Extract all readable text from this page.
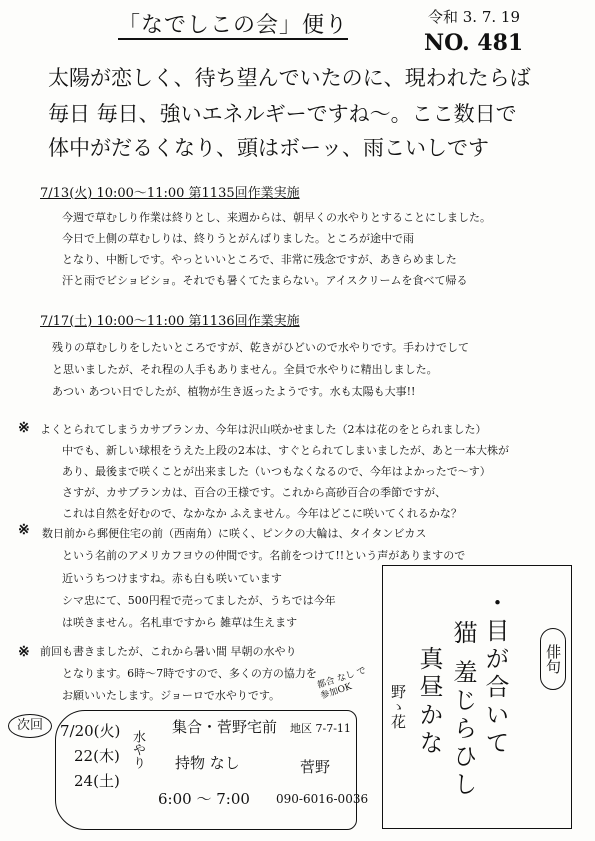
「なでしこの会」便り	令和 3. 7. 19
NO. 481
太陽が恋しく、待ち望んでいたのに、現われたらば
毎日 毎日、強いエネルギーですね～。ここ数日で
体中がだるくなり、頭はボーッ、雨こいしです
7/13(火) 10:00～11:00 第1135回作業実施
今週で草むしり作業は終りとし、来週からは、朝早くの水やりとすることにしました。
今日で上側の草むしりは、終りうとがんばりました。ところが途中で雨
となり、中断しです。やっといいところで、非常に残念ですが、あきらめました
汗と雨でビショビショ。それでも暑くてたまらない。アイスクリームを食べて帰る
7/17(土) 10:00～11:00 第1136回作業実施
残りの草むしりをしたいところですが、乾きがひどいので水やりです。手わけでして
と思いましたが、それ程の人手もありません。全員で水やりに精出しました。
あつい あつい日でしたが、植物が生き返ったようです。水も太陽も大事!!
※ よくとられてしまうカサブランカ、今年は沢山咲かせました（2本は花のをとられました）
中でも、新しい球根をうえた上段の2本は、すぐとられてしまいましたが、あと一本大株が
あり、最後まで咲くことが出来ました（いつもなくなるので、今年はよかったで～す）
さすが、カサブランカは、百合の王様です。これから高砂百合の季節ですが、
これは自然を好むので、なかなか ふえません。今年はどこに咲いてくれるかな？
※ 数日前から郵便住宅の前（西南角）に咲く、ピンクの大輪は、タイタンビカス
という名前のアメリカフヨウの仲間です。名前をつけて!!という声がありますので
近いうちつけますね。赤も白も咲いています
シマ忠にて、500円程で売ってましたが、うちでは今年
は咲きません。名札車ですから 雑草は生えます
※ 前回も書きましたが、これから暑い間 早朝の水やり
となります。6時～7時ですので、多くの方の協力を
お願いいたします。ジョーロで水やりです。
都合 なし で参加OK
俳句
・目が合いて
猫 羞じらひし
真昼かな
野ゝ花
次回	7/20(火)
22(木)
24(土)
水やり
集合・菅野宅前
持物 なし
6:00 ～ 7:00
地区 7-7-11
菅野
090-6016-0036
